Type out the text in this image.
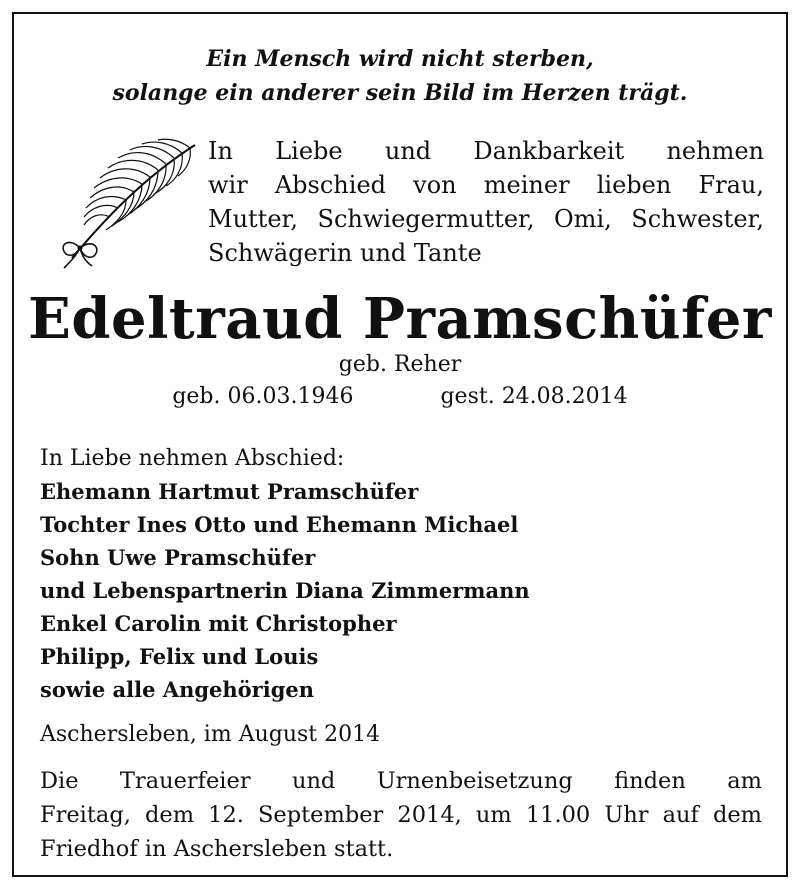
Ein Mensch wird nicht sterben,
solange ein anderer sein Bild im Herzen trägt.
In Liebe und Dankbarkeit nehmen
wir Abschied von meiner lieben Frau,
Mutter, Schwiegermutter, Omi, Schwester,
Schwägerin und Tante
Edeltraud Pramschüfer
geb. Reher
geb. 06.03.1946	gest. 24.08.2014
In Liebe nehmen Abschied:
Ehemann Hartmut Pramschüfer
Tochter Ines Otto und Ehemann Michael
Sohn Uwe Pramschüfer
und Lebenspartnerin Diana Zimmermann
Enkel Carolin mit Christopher
Philipp, Felix und Louis
sowie alle Angehörigen
Aschersleben, im August 2014
Die Trauerfeier und Urnenbeisetzung finden am
Freitag, dem 12. September 2014, um 11.00 Uhr auf dem
Friedhof in Aschersleben statt.
